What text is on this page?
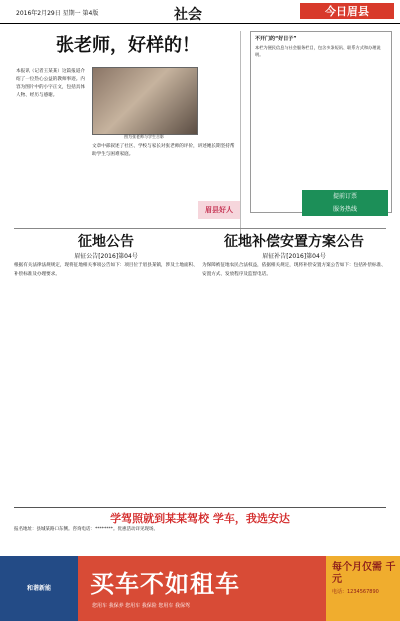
2016年2月29日 星期一 第4版	社会	今日眉县
张老师，好样的！
本报讯（记者王某某）这篇报道介绍了一位热心公益的教师事迹。内容为图片中的小字正文，包括具体人物、经历与感谢。
图为张老师与学生合影
文章中部叙述了社区、学校与家长对张老师的评价，讲述她长期坚持帮助学生与困难家庭。
眉县好人
不开门的“好日子”
本栏为便民信息与社会服务栏目，包含多条短讯、联系方式和办理说明。
提前订票
服务热线
征地公告
眉征公告[2016]第04号
根据有关法律法规规定，现将征地相关事项公告如下：项目位于眉县某镇，涉及土地面积、补偿标准及办理要求。
征地补偿安置方案公告
眉征补告[2016]第04号
为保障被征地农民合法权益，依据相关规定，现将补偿安置方案公告如下：包括补偿标准、安置方式、发放程序及监督电话。
学驾照就到某某驾校 学车，我选安达
报名地址：县城某路口东侧。咨询电话：********。优惠活动详见现场。
和谐新能	买车不如租车
您用车 我保养 您用车 我保险 您用车 我保驾
每个月仅需 千元
电话：1234567890
